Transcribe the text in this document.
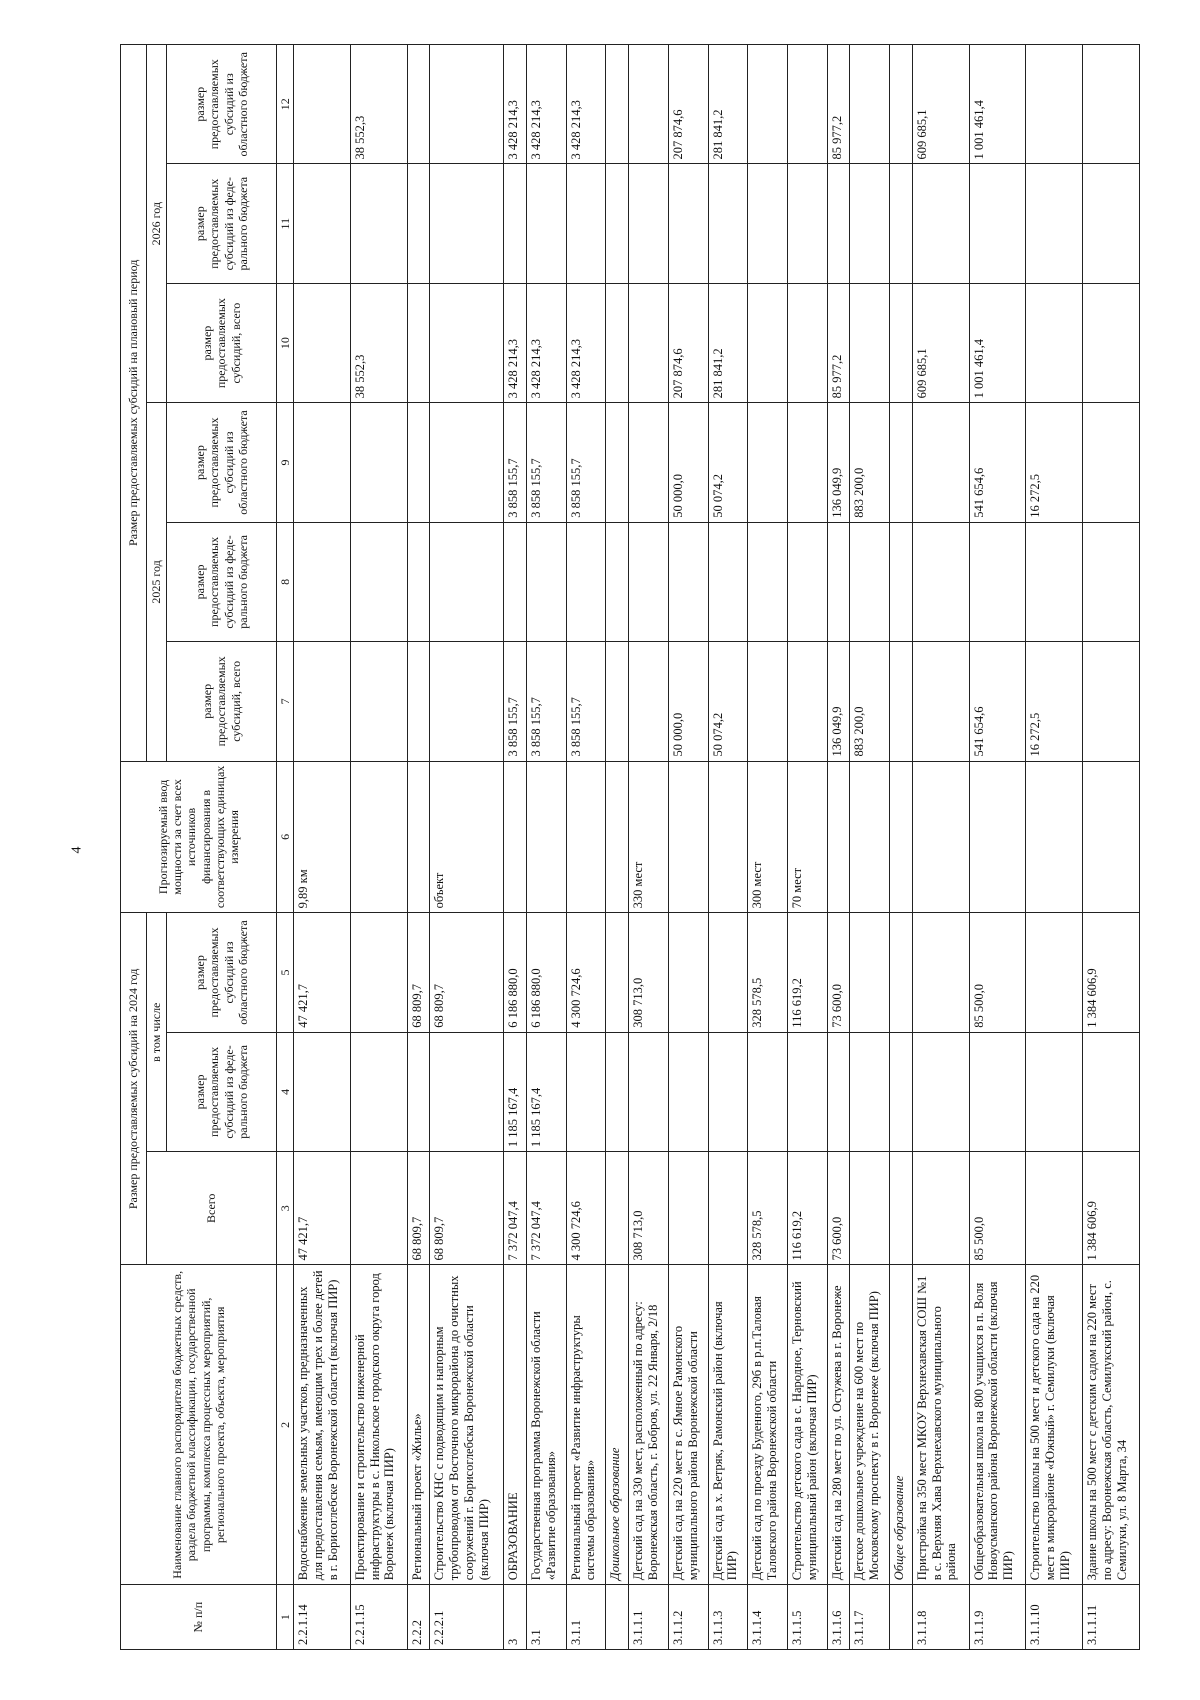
4
№ п/п	Наименование главного распорядителя бюджетных средств, раздела бюджетной классификации, государственной программы, комплекса процессных мероприятий, регионального проекта, объекта, мероприятия	Размер предоставляемых субсидий на 2024 год			Прогнозируемый ввод мощности за счет всех источников финансирования в соответствующих единицах измерения	Размер предоставляемых субсидий на плановый период					
		Всего	в том числе			2025 год			2026 год		
			размер предоставляемых субсидий из феде-рального бюджета	размер предоставляемых субсидий из областного бюджета		размер предоставляемых субсидий, всего	размер предоставляемых субсидий из феде-рального бюджета	размер предоставляемых субсидий из областного бюджета	размер предоставляемых субсидий, всего	размер предоставляемых субсидий из феде-рального бюджета	размер предоставляемых субсидий из областного бюджета
1	2	3	4	5	6	7	8	9	10	11	12
2.2.1.14	Водоснабжение земельных участков, предназначенных для предоставления семьям, имеющим трех и более детей в г. Борисоглебске Воронежской области (включая ПИР)	47 421,7		47 421,7	9,89 км						
2.2.1.15	Проектирование и строительство инженерной инфраструктуры в с. Никольское городского округа город Воронеж (включая ПИР)								38 552,3		38 552,3
2.2.2	Региональный проект «Жилье»	68 809,7		68 809,7							
2.2.2.1	Строительство КНС с подводящим и напорным трубопроводом от Восточного микрорайона до очистных сооружений г. Борисоглебска Воронежской области (включая ПИР)	68 809,7		68 809,7	объект						
3	ОБРАЗОВАНИЕ	7 372 047,4	1 185 167,4	6 186 880,0		3 858 155,7		3 858 155,7	3 428 214,3		3 428 214,3
3.1	Государственная программа Воронежской области «Развитие образования»	7 372 047,4	1 185 167,4	6 186 880,0		3 858 155,7		3 858 155,7	3 428 214,3		3 428 214,3
3.1.1	Региональный проект «Развитие инфраструктуры системы образования»	4 300 724,6		4 300 724,6		3 858 155,7		3 858 155,7	3 428 214,3		3 428 214,3
	Дошкольное образование										
3.1.1.1	Детский сад на 330 мест, расположенный по адресу: Воронежская область, г. Бобров, ул. 22 Января, 2/18	308 713,0		308 713,0	330 мест						
3.1.1.2	Детский сад на 220 мест в с. Ямное Рамонского муниципального района Воронежской области					50 000,0		50 000,0	207 874,6		207 874,6
3.1.1.3	Детский сад в х. Ветряк, Рамонский район (включая ПИР)					50 074,2		50 074,2	281 841,2		281 841,2
3.1.1.4	Детский сад по проезду Буденного, 29б в р.п.Таловая Таловского района Воронежской области	328 578,5		328 578,5	300 мест						
3.1.1.5	Строительство детского сада в с. Народное, Терновский муниципальный район (включая ПИР)	116 619,2		116 619,2	70 мест						
3.1.1.6	Детский сад на 280 мест по ул. Остужева в г. Воронеже	73 600,0		73 600,0		136 049,9		136 049,9	85 977,2		85 977,2
3.1.1.7	Детское дошкольное учреждение на 600 мест по Московскому проспекту в г. Воронеже (включая ПИР)					883 200,0		883 200,0			
	Общее образование										
3.1.1.8	Пристройка на 350 мест МКОУ Верхнехавская СОШ №1 в с. Верхняя Хава Верхнехавского муниципального района								609 685,1		609 685,1
3.1.1.9	Общеобразовательная школа на 800 учащихся в п. Воля Новоусманского района Воронежской области (включая ПИР)	85 500,0		85 500,0		541 654,6		541 654,6	1 001 461,4		1 001 461,4
3.1.1.10	Строительство школы на 500 мест и детского сада на 220 мест в микрорайоне «Южный» г. Семилуки (включая ПИР)					16 272,5		16 272,5			
3.1.1.11	Здание школы на 500 мест с детским садом на 220 мест по адресу: Воронежская область, Семилукский район, с. Семилуки, ул. 8 Марта, 34	1 384 606,9		1 384 606,9							
